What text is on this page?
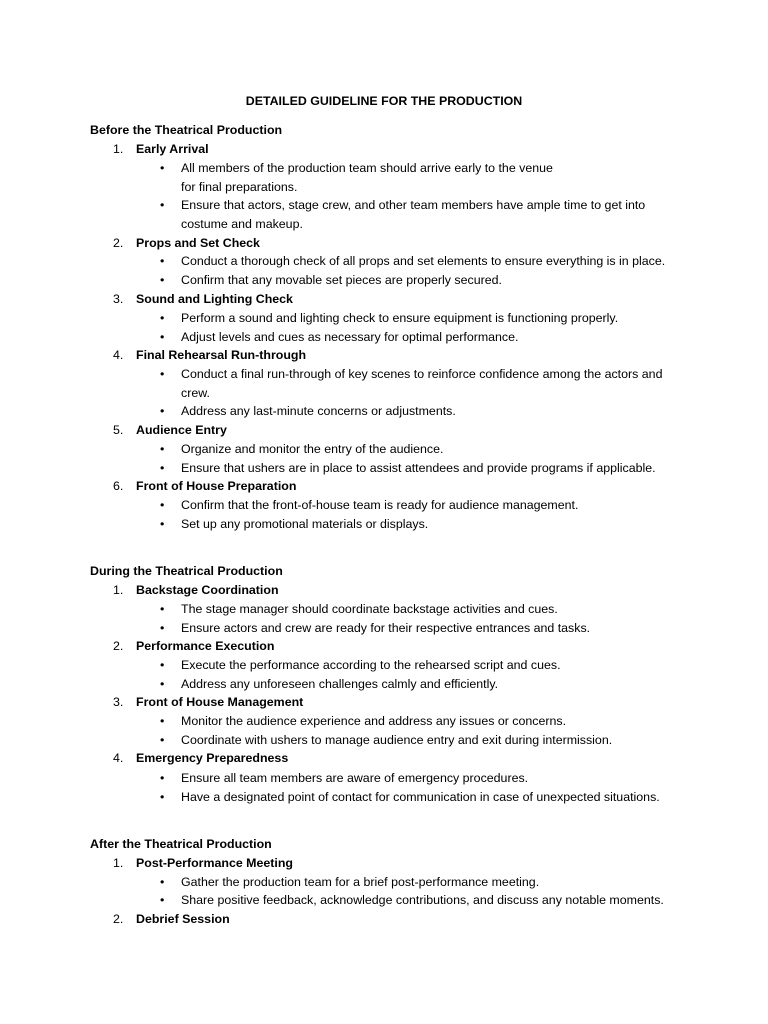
DETAILED GUIDELINE FOR THE PRODUCTION
Before the Theatrical Production
1. Early Arrival
• All members of the production team should arrive early to the venue
for final preparations.
• Ensure that actors, stage crew, and other team members have ample time to get into
costume and makeup.
2. Props and Set Check
• Conduct a thorough check of all props and set elements to ensure everything is in place.
• Confirm that any movable set pieces are properly secured.
3. Sound and Lighting Check
• Perform a sound and lighting check to ensure equipment is functioning properly.
• Adjust levels and cues as necessary for optimal performance.
4. Final Rehearsal Run-through
• Conduct a final run-through of key scenes to reinforce confidence among the actors and
crew.
• Address any last-minute concerns or adjustments.
5. Audience Entry
• Organize and monitor the entry of the audience.
• Ensure that ushers are in place to assist attendees and provide programs if applicable.
6. Front of House Preparation
• Confirm that the front-of-house team is ready for audience management.
• Set up any promotional materials or displays.
During the Theatrical Production
1. Backstage Coordination
• The stage manager should coordinate backstage activities and cues.
• Ensure actors and crew are ready for their respective entrances and tasks.
2. Performance Execution
• Execute the performance according to the rehearsed script and cues.
• Address any unforeseen challenges calmly and efficiently.
3. Front of House Management
• Monitor the audience experience and address any issues or concerns.
• Coordinate with ushers to manage audience entry and exit during intermission.
4. Emergency Preparedness
• Ensure all team members are aware of emergency procedures.
• Have a designated point of contact for communication in case of unexpected situations.
After the Theatrical Production
1. Post-Performance Meeting
• Gather the production team for a brief post-performance meeting.
• Share positive feedback, acknowledge contributions, and discuss any notable moments.
2. Debrief Session
